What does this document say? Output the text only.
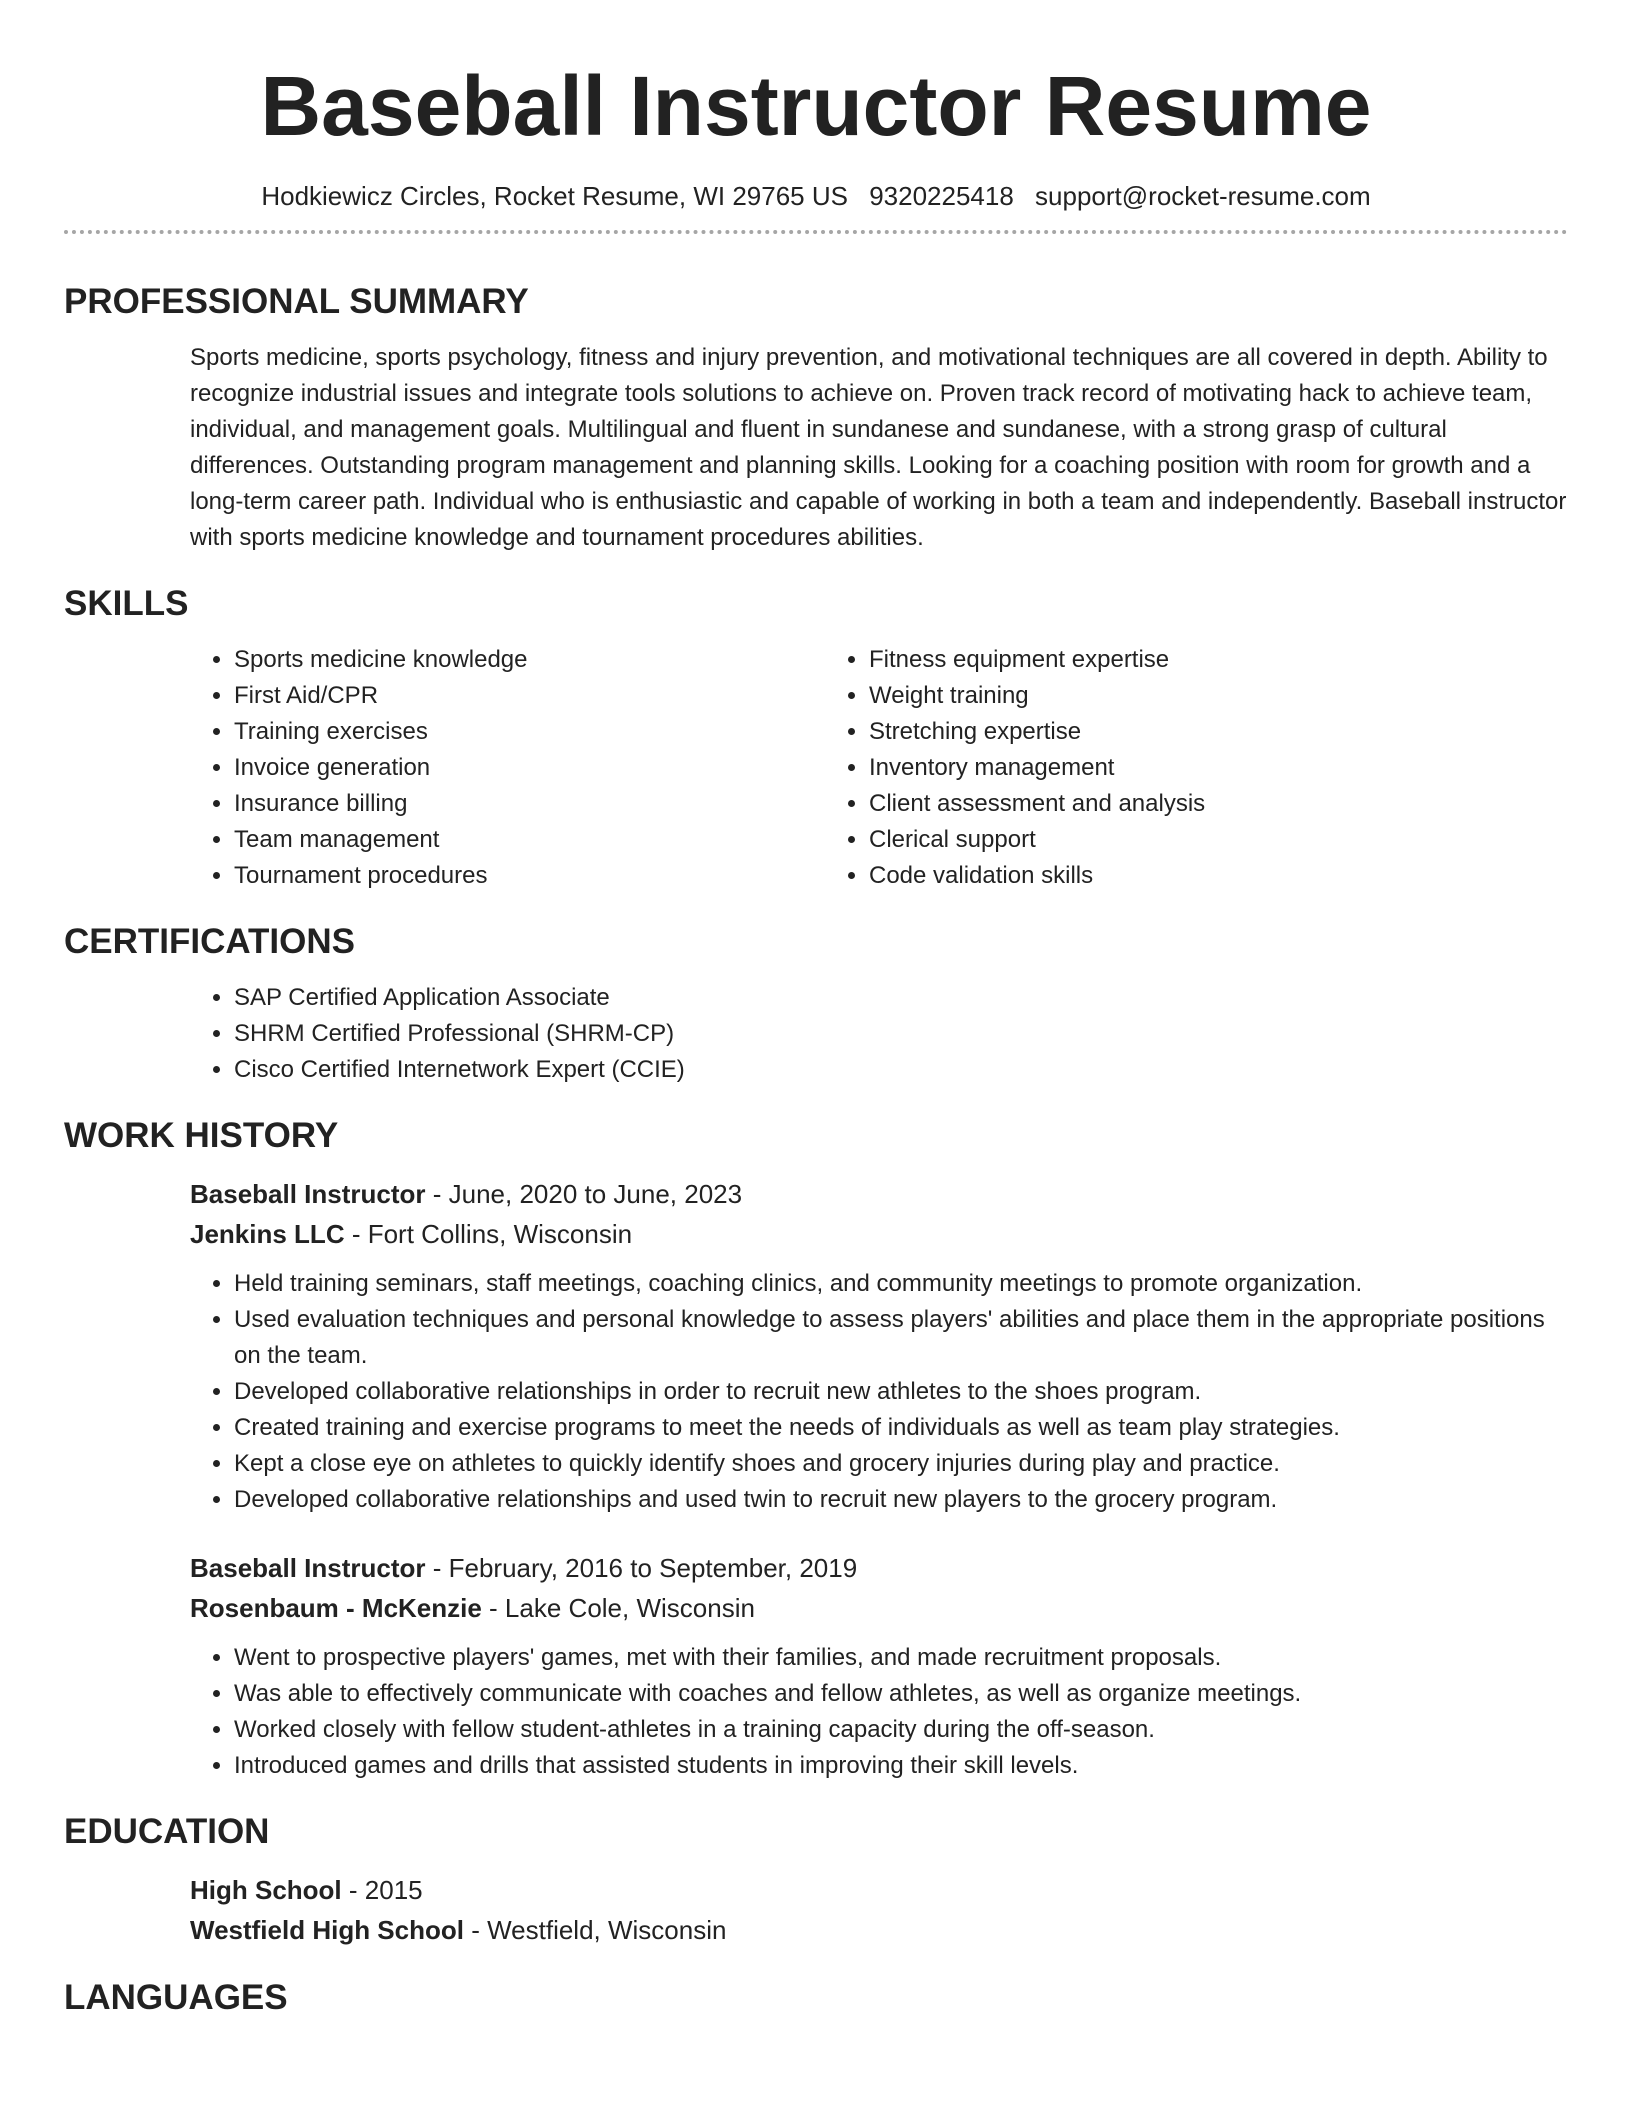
Baseball Instructor Resume
Hodkiewicz Circles, Rocket Resume, WI 29765 US 9320225418 support@rocket-resume.com
PROFESSIONAL SUMMARY

Sports medicine, sports psychology, fitness and injury prevention, and motivational techniques are all covered in depth. Ability to recognize industrial issues and integrate tools solutions to achieve on. Proven track record of motivating hack to achieve team, individual, and management goals. Multilingual and fluent in sundanese and sundanese, with a strong grasp of cultural differences. Outstanding program management and planning skills. Looking for a coaching position with room for growth and a long-term career path. Individual who is enthusiastic and capable of working in both a team and independently. Baseball instructor with sports medicine knowledge and tournament procedures abilities.

SKILLS
• Sports medicine knowledge
• First Aid/CPR
• Training exercises
• Invoice generation
• Insurance billing
• Team management
• Tournament procedures
• Fitness equipment expertise
• Weight training
• Stretching expertise
• Inventory management
• Client assessment and analysis
• Clerical support
• Code validation skills
CERTIFICATIONS
• SAP Certified Application Associate
• SHRM Certified Professional (SHRM-CP)
• Cisco Certified Internetwork Expert (CCIE)
WORK HISTORY
Baseball Instructor - June, 2020 to June, 2023
Jenkins LLC - Fort Collins, Wisconsin
• Held training seminars, staff meetings, coaching clinics, and community meetings to promote organization.
• Used evaluation techniques and personal knowledge to assess players' abilities and place them in the appropriate positions on the team.
• Developed collaborative relationships in order to recruit new athletes to the shoes program.
• Created training and exercise programs to meet the needs of individuals as well as team play strategies.
• Kept a close eye on athletes to quickly identify shoes and grocery injuries during play and practice.
• Developed collaborative relationships and used twin to recruit new players to the grocery program.
Baseball Instructor - February, 2016 to September, 2019
Rosenbaum - McKenzie - Lake Cole, Wisconsin
• Went to prospective players' games, met with their families, and made recruitment proposals.
• Was able to effectively communicate with coaches and fellow athletes, as well as organize meetings.
• Worked closely with fellow student-athletes in a training capacity during the off-season.
• Introduced games and drills that assisted students in improving their skill levels.
EDUCATION
High School - 2015
Westfield High School - Westfield, Wisconsin
LANGUAGES
